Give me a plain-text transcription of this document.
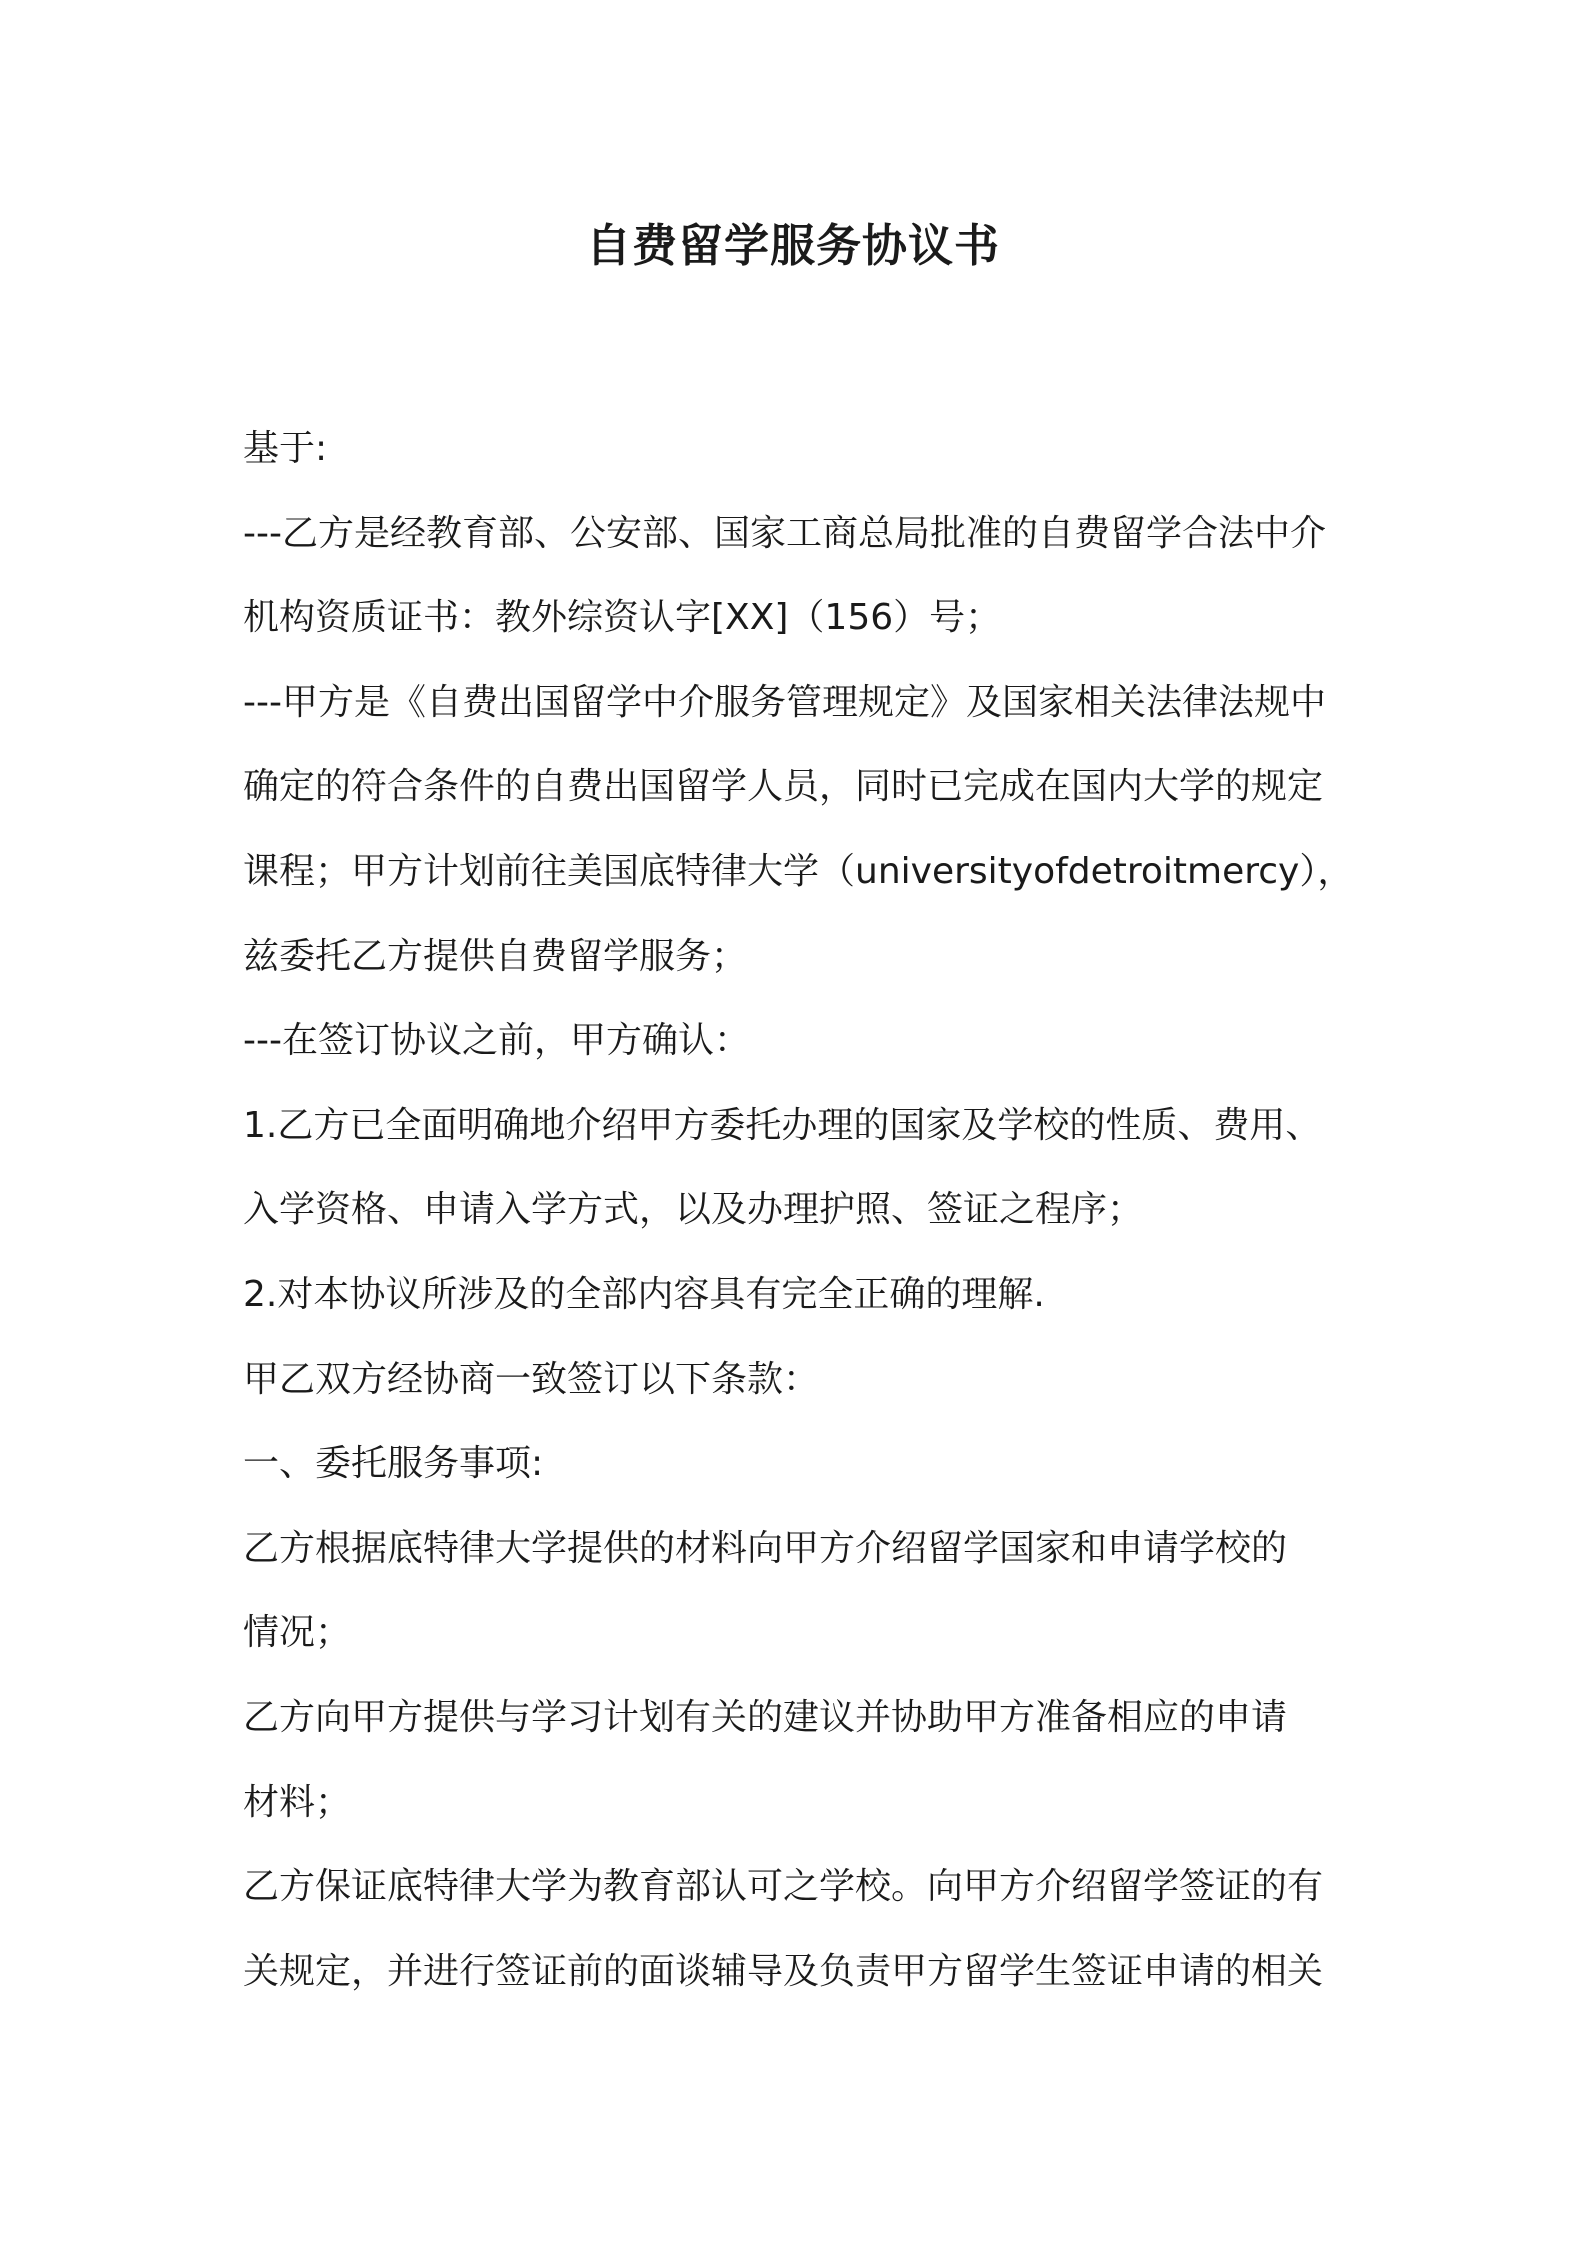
自费留学服务协议书
基于:
---乙方是经教育部、公安部、国家工商总局批准的自费留学合法中介
机构资质证书：教外综资认字[XX]（156）号；
---甲方是《自费出国留学中介服务管理规定》及国家相关法律法规中
确定的符合条件的自费出国留学人员，同时已完成在国内大学的规定
课程；甲方计划前往美国底特律大学（universityofdetroitmercy），
兹委托乙方提供自费留学服务；
---在签订协议之前，甲方确认：
1.乙方已全面明确地介绍甲方委托办理的国家及学校的性质、费用、
入学资格、申请入学方式，以及办理护照、签证之程序；
2.对本协议所涉及的全部内容具有完全正确的理解.
甲乙双方经协商一致签订以下条款：
一、委托服务事项:
乙方根据底特律大学提供的材料向甲方介绍留学国家和申请学校的
情况；
乙方向甲方提供与学习计划有关的建议并协助甲方准备相应的申请
材料；
乙方保证底特律大学为教育部认可之学校。向甲方介绍留学签证的有
关规定，并进行签证前的面谈辅导及负责甲方留学生签证申请的相关
